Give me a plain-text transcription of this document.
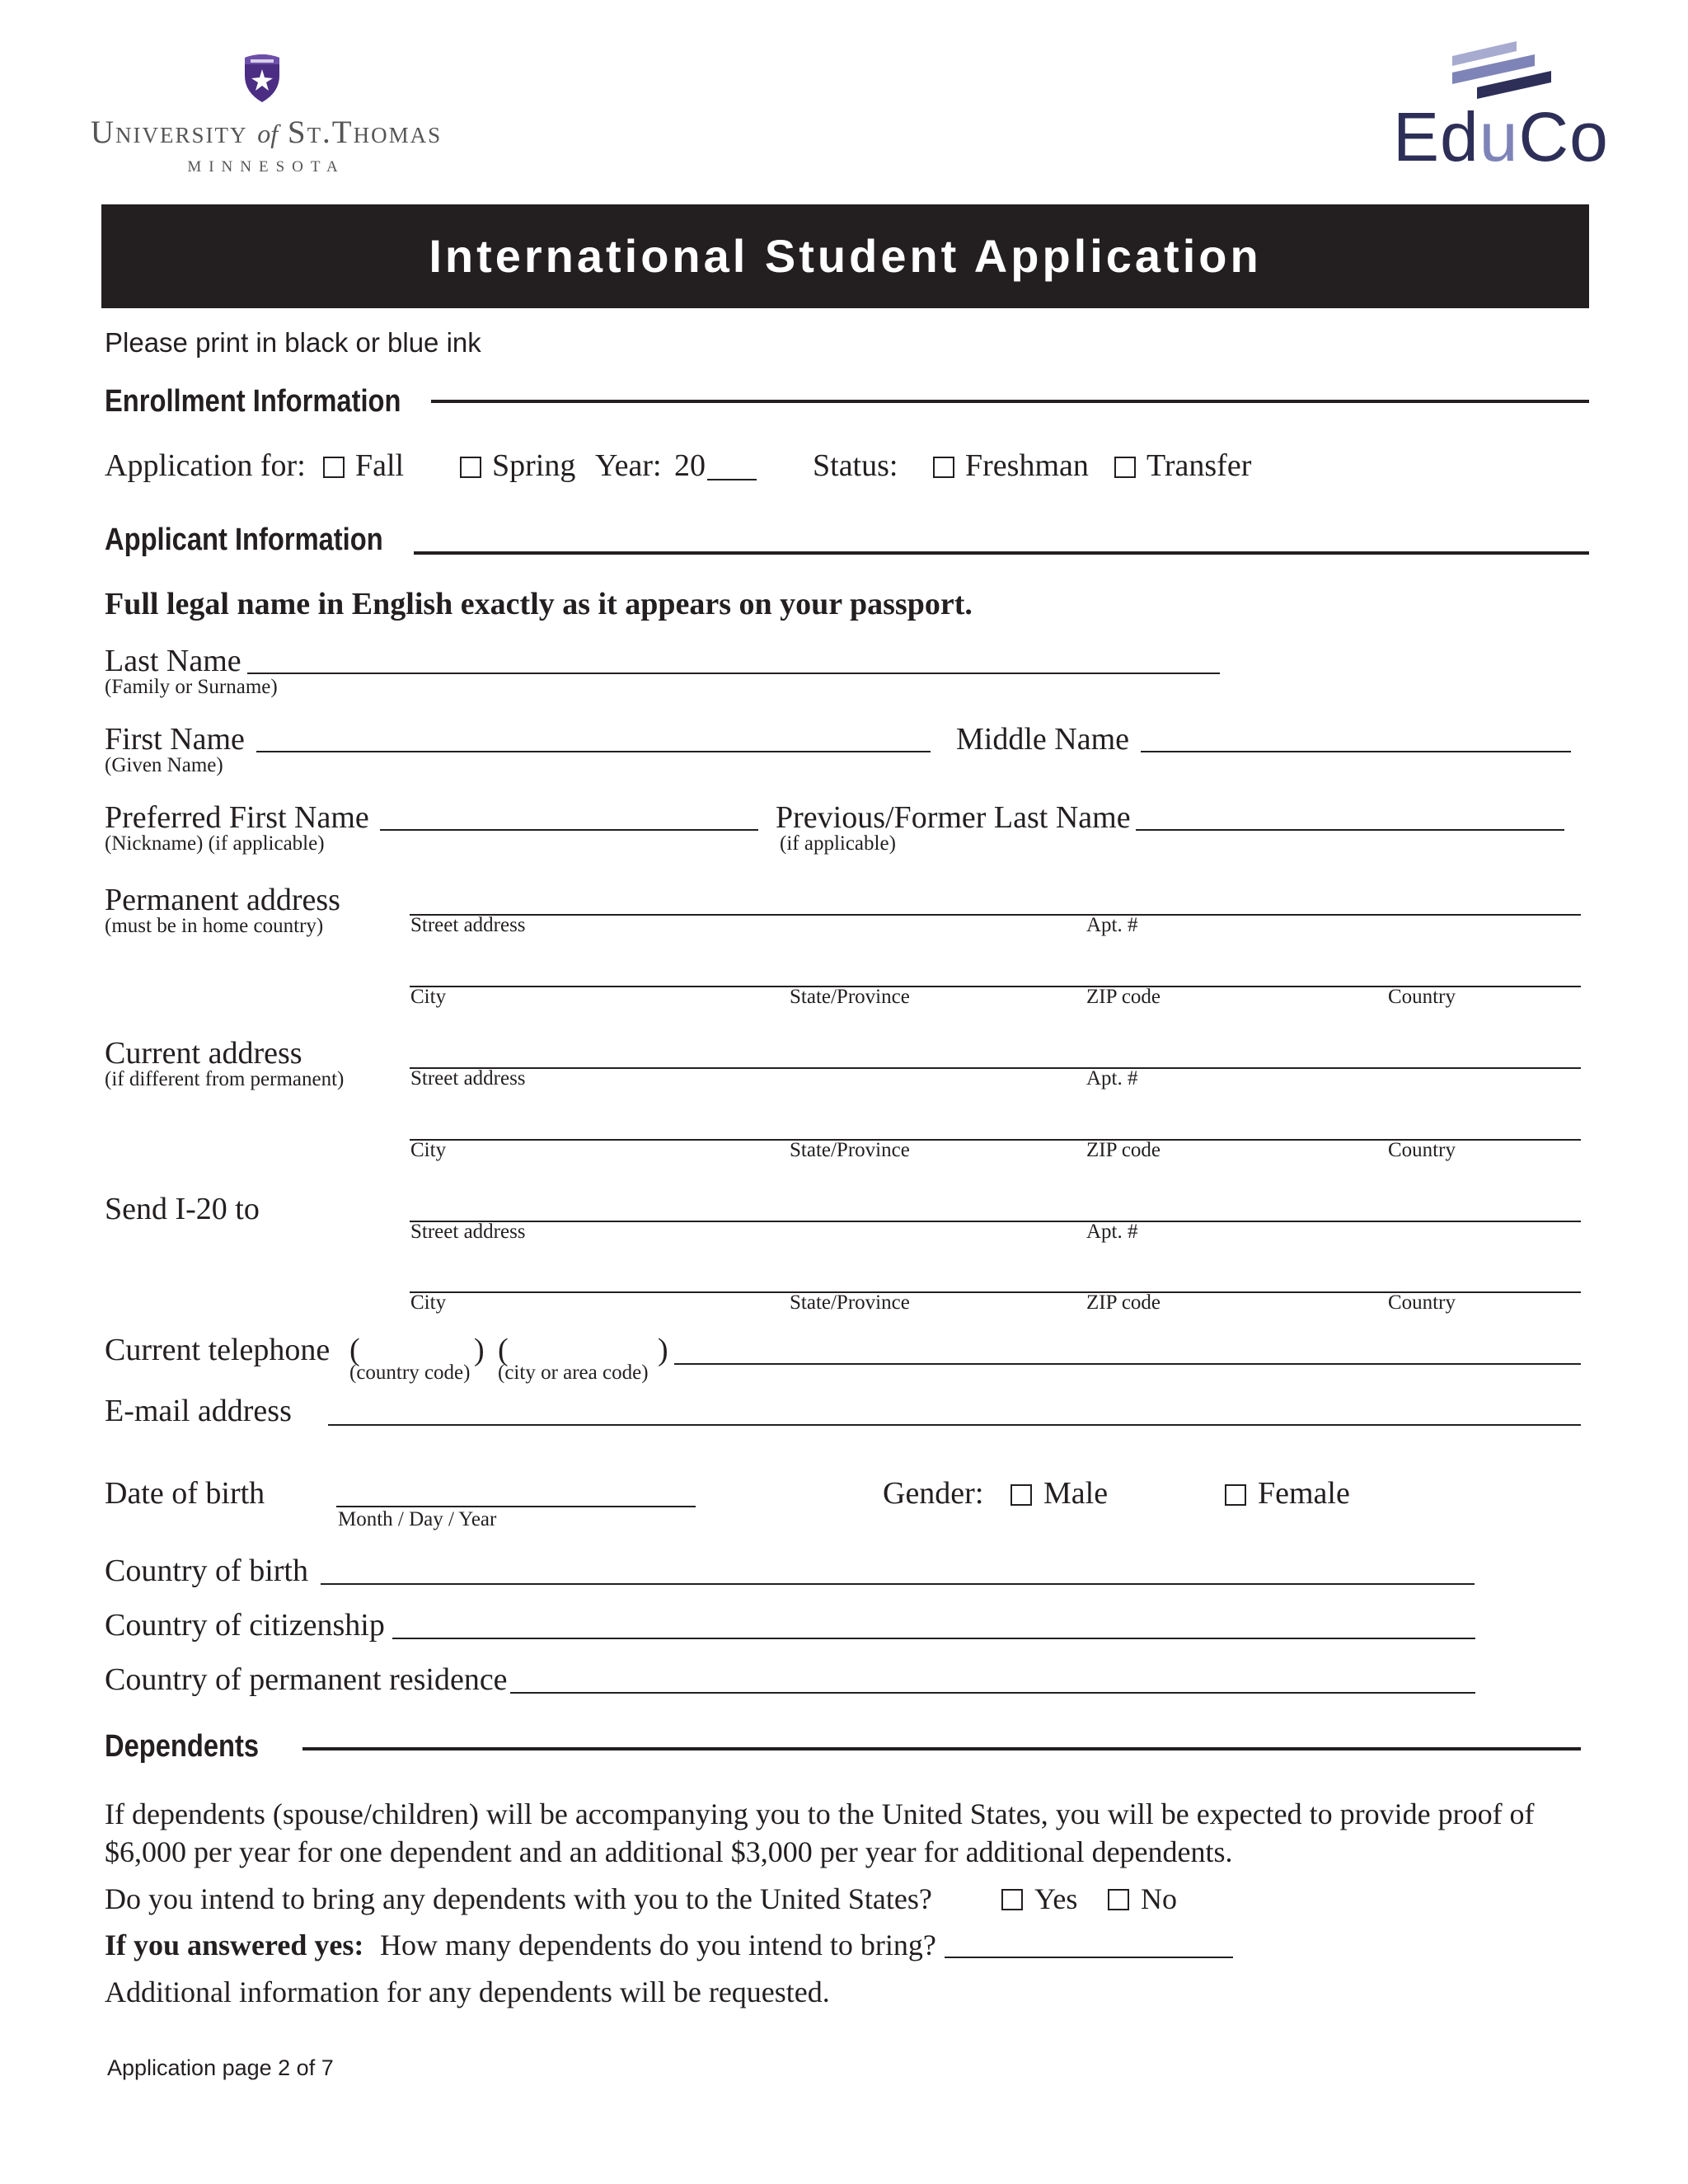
University of St.Thomas
MINNESOTA	EduCo
International Student Application
Please print in black or blue ink
Enrollment Information
Application for: Fall	Spring Year: 20	Status: Freshman Transfer
Applicant Information
Full legal name in English exactly as it appears on your passport.
Last Name
(Family or Surname)
First Name
(Given Name)
Middle Name
Preferred First Name
(Nickname) (if applicable)
Previous/Former Last Name
(if applicable)
Permanent address
(must be in home country)	Street address	Apt. #
City	State/Province	ZIP code	Country
Current address
(if different from permanent)	Street address	Apt. #
City	State/Province	ZIP code	Country
Send I-20 to
Street address	Apt. #
City	State/Province	ZIP code	Country
Current telephone (	) (	)
(country code) (city or area code)
E-mail address
Date of birth
Month / Day / Year
Gender: Male	Female
Country of birth
Country of citizenship
Country of permanent residence
Dependents
If dependents (spouse/children) will be accompanying you to the United States, you will be expected to provide proof of
$6,000 per year for one dependent and an additional $3,000 per year for additional dependents.
Do you intend to bring any dependents with you to the United States?	Yes No
If you answered yes: How many dependents do you intend to bring?
Additional information for any dependents will be requested.
Application page 2 of 7
